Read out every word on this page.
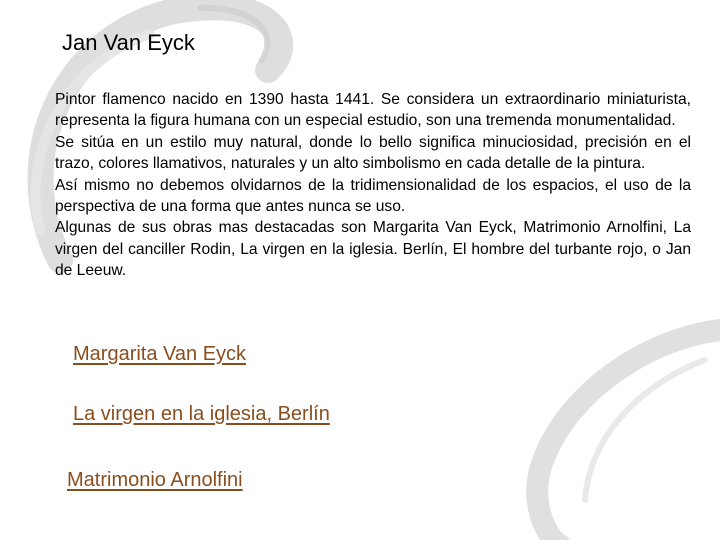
Jan Van Eyck

Pintor flamenco nacido en 1390 hasta 1441. Se considera un extraordinario miniaturista, representa la figura humana con un especial estudio, son una tremenda monumentalidad.

Se sitúa en un estilo muy natural, donde lo bello significa minuciosidad, precisión en el trazo, colores llamativos, naturales y un alto simbolismo en cada detalle de la pintura.

Así mismo no debemos olvidarnos de la tridimensionalidad de los espacios, el uso de la perspectiva de una forma que antes nunca se uso.

Algunas de sus obras mas destacadas son Margarita Van Eyck, Matrimonio Arnolfini, La virgen del canciller Rodin, La virgen en la iglesia. Berlín, El hombre del turbante rojo, o Jan de Leeuw.

Margarita Van Eyck
La virgen en la iglesia, Berlín
Matrimonio Arnolfini
